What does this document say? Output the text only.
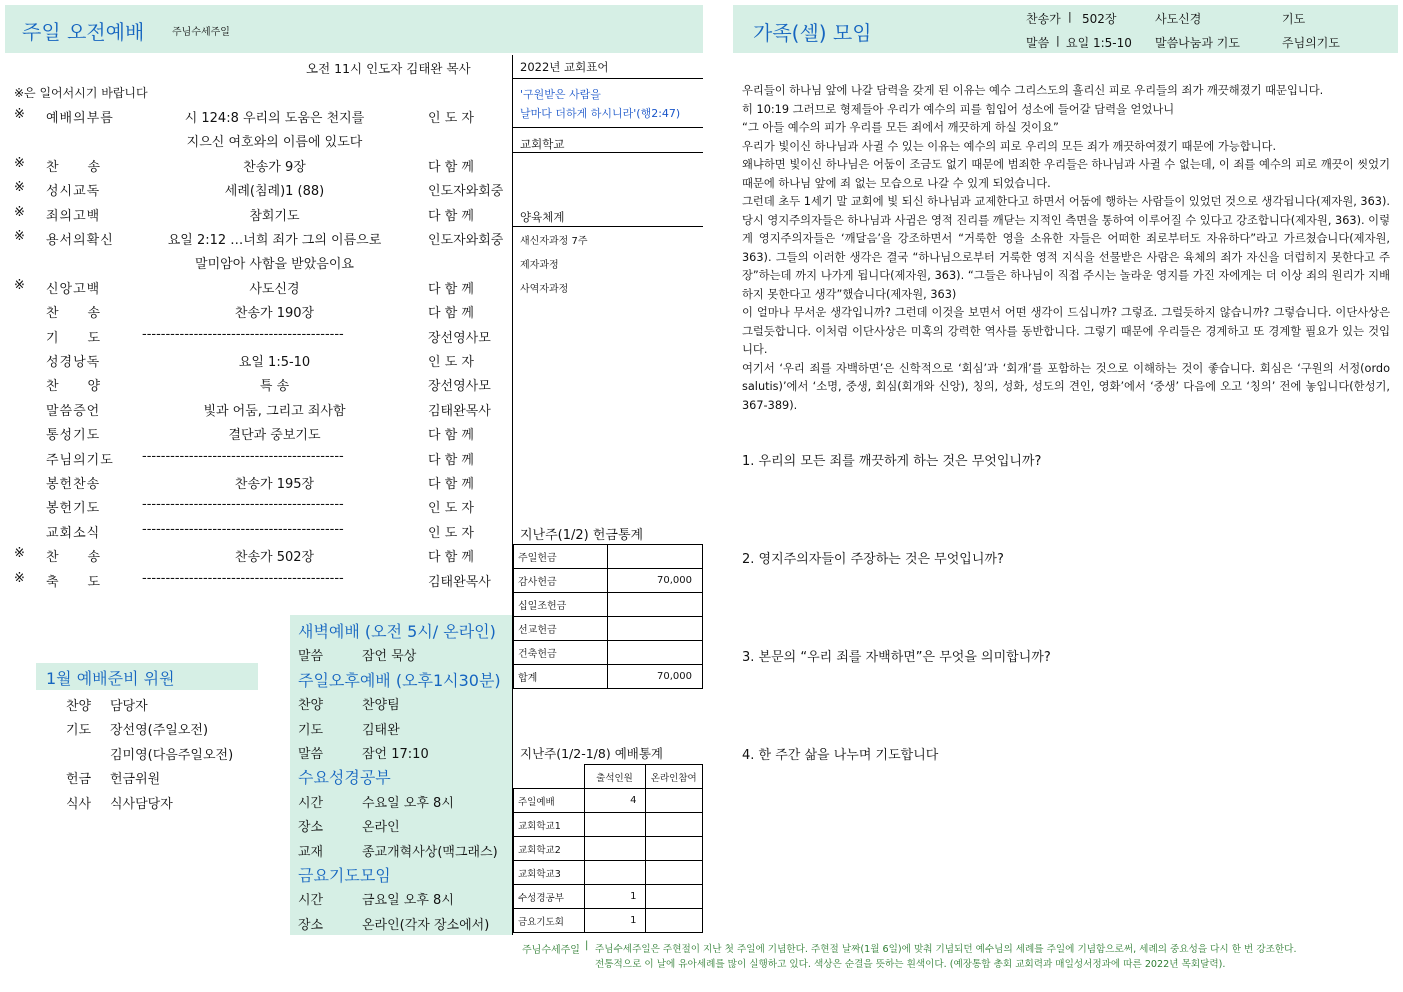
주일 오전예배	주님수세주일	가족(셀) 모임
찬송가 | 502장	사도신경	기도
말씀 | 요일 1:5-10 말씀나눔과 기도	주님의기도
오전 11시 인도자 김태완 목사
※은 일어서시기 바랍니다
※ 예배의부름	시 124:8 우리의 도움은 천지를	인 도 자
지으신 여호와의 이름에 있도다
※ 찬　　송	찬송가 9장	다 함 께
※ 성시교독	세례(침례)1 (88)	인도자와회중
※ 죄의고백	참회기도	다 함 께
※ 용서의확신	요일 2:12 …너희 죄가 그의 이름으로	인도자와회중
말미암아 사함을 받았음이요
※ 신앙고백	사도신경	다 함 께
찬　　송	찬송가 190장	다 함 께
기　　도	-------------------------------------------	장선영사모
성경낭독	요일 1:5-10	인 도 자
찬　　양	특 송	장선영사모
말씀증언	빛과 어둠, 그리고 죄사함	김태완목사
통성기도	결단과 중보기도	다 함 께
주님의기도 -------------------------------------------	다 함 께
봉헌찬송	찬송가 195장	다 함 께
봉헌기도	-------------------------------------------	인 도 자
교회소식	-------------------------------------------	인 도 자
※ 찬　　송	찬송가 502장	다 함 께
※ 축　　도	-------------------------------------------	김태완목사
2022년 교회표어
'구원받은 사람을
날마다 더하게 하시니라'(행2:47)
교회학교
양육체계
새신자과정 7주
제자과정
사역자과정
지난주(1/2) 헌금통계
주일헌금	
감사헌금	70,000
십일조헌금	
선교헌금	
건축헌금	
합계	70,000
지난주(1/2-1/8) 예배통계
	출석인원	온라인참여
주일예배	4	
교회학교1		
교회학교2		
교회학교3		
수성경공부	1	
금요기도회	1	
1월 예배준비 위원
찬양 담당자
기도 장선영(주일오전)
김미영(다음주일오전)
헌금 헌금위원
식사 식사담당자
새벽예배 (오전 5시/ 온라인)
말씀	잠언 묵상
주일오후예배 (오후1시30분)
찬양	찬양팀
기도	김태완
말씀	잠언 17:10
수요성경공부
시간	수요일 오후 8시
장소	온라인
교재	종교개혁사상(맥그래스)
금요기도모임
시간	금요일 오후 8시
장소	온라인(각자 장소에서)

우리들이 하나님 앞에 나갈 담력을 갖게 된 이유는 예수 그리스도의 흘리신 피로 우리들의 죄가 깨끗해졌기 때문입니다.

히 10:19 그러므로 형제들아 우리가 예수의 피를 힘입어 성소에 들어갈 담력을 얻었나니

“그 아들 예수의 피가 우리를 모든 죄에서 깨끗하게 하실 것이요”

우리가 빛이신 하나님과 사귈 수 있는 이유는 예수의 피로 우리의 모든 죄가 깨끗하여졌기 때문에 가능합니다.

왜냐하면 빛이신 하나님은 어둠이 조금도 없기 때문에 범죄한 우리들은 하나님과 사귈 수 없는데, 이 죄를 예수의 피로 깨끗이 씻었기 때문에 하나님 앞에 죄 없는 모습으로 나갈 수 있게 되었습니다.

그런데 초두 1세기 말 교회에 빛 되신 하나님과 교제한다고 하면서 어둠에 행하는 사람들이 있었던 것으로 생각됩니다(제자원, 363). 당시 영지주의자들은 하나님과 사귐은 영적 진리를 깨닫는 지적인 측면을 통하여 이루어질 수 있다고 강조합니다(제자원, 363). 이렇게 영지주의자들은 ‘깨달음’을 강조하면서 “거룩한 영을 소유한 자들은 어떠한 죄로부터도 자유하다”라고 가르쳤습니다(제자원, 363). 그들의 이러한 생각은 결국 “하나님으로부터 거룩한 영적 지식을 선물받은 사람은 육체의 죄가 자신을 더럽히지 못한다고 주장”하는데 까지 나가게 됩니다(제자원, 363). “그들은 하나님이 직접 주시는 놀라운 영지를 가진 자에게는 더 이상 죄의 원리가 지배하지 못한다고 생각”했습니다(제자원, 363)

이 얼마나 무서운 생각입니까? 그런데 이것을 보면서 어떤 생각이 드십니까? 그렇죠. 그럴듯하지 않습니까? 그렇습니다. 이단사상은 그럴듯합니다. 이처럼 이단사상은 미혹의 강력한 역사를 동반합니다. 그렇기 때문에 우리들은 경계하고 또 경계할 필요가 있는 것입니다.

여기서 ‘우리 죄를 자백하면’은 신학적으로 ‘회심’과 ‘회개’를 포함하는 것으로 이해하는 것이 좋습니다. 회심은 ‘구원의 서정(ordo salutis)’에서 ‘소명, 중생, 회심(회개와 신앙), 칭의, 성화, 성도의 견인, 영화’에서 ‘중생’ 다음에 오고 ‘칭의’ 전에 놓입니다(한성기, 367-389).

1. 우리의 모든 죄를 깨끗하게 하는 것은 무엇입니까?
2. 영지주의자들이 주장하는 것은 무엇입니까?
3. 본문의 “우리 죄를 자백하면”은 무엇을 의미합니까?
4. 한 주간 삶을 나누며 기도합니다
주님수세주일 | 주님수세주일은 주현절이 지난 첫 주일에 기념한다. 주현절 날짜(1월 6일)에 맞춰 기념되던 예수님의 세례를 주일에 기념함으로써, 세례의 중요성을 다시 한 번 강조한다.
전통적으로 이 날에 유아세례를 많이 실행하고 있다. 색상은 순결을 뜻하는 흰색이다. (예장통합 총회 교회력과 매일성서정과에 따른 2022년 목회달력).
